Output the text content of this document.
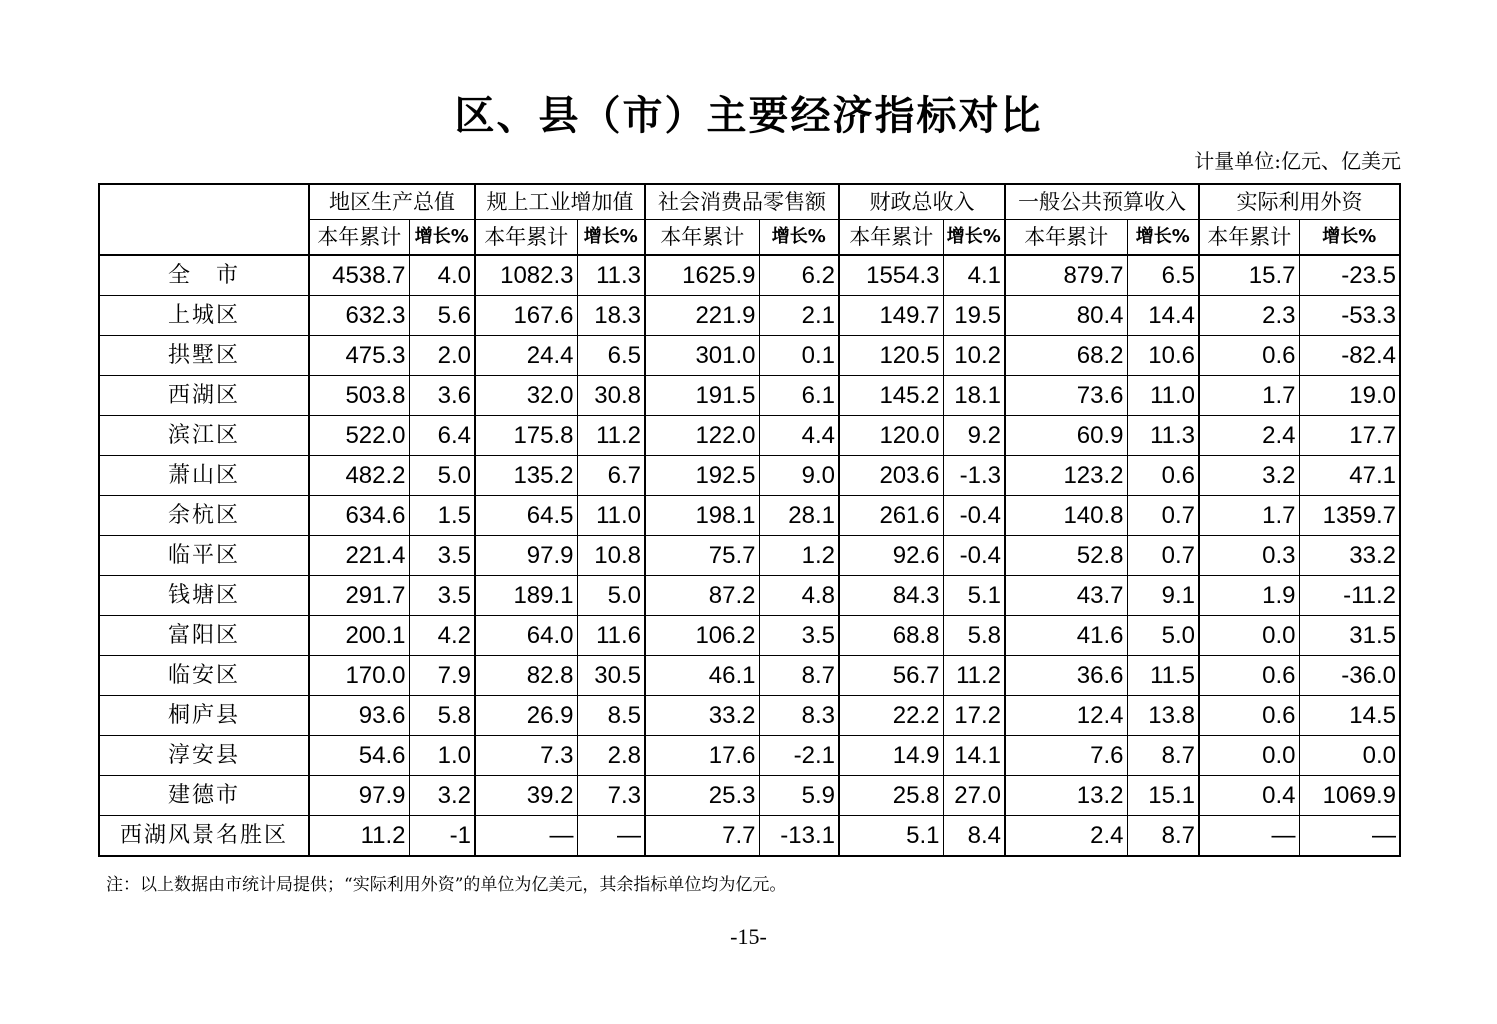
区、县（市）主要经济指标对比
计量单位:亿元、亿美元
	地区生产总值		规上工业增加值		社会消费品零售额		财政总收入		一般公共预算收入		实际利用外资	
	本年累计	增长%	本年累计	增长%	本年累计	增长%	本年累计	增长%	本年累计	增长%	本年累计	增长%
全　市	4538.7	4.0	1082.3	11.3	1625.9	6.2	1554.3	4.1	879.7	6.5	15.7	-23.5
上城区	632.3	5.6	167.6	18.3	221.9	2.1	149.7	19.5	80.4	14.4	2.3	-53.3
拱墅区	475.3	2.0	24.4	6.5	301.0	0.1	120.5	10.2	68.2	10.6	0.6	-82.4
西湖区	503.8	3.6	32.0	30.8	191.5	6.1	145.2	18.1	73.6	11.0	1.7	19.0
滨江区	522.0	6.4	175.8	11.2	122.0	4.4	120.0	9.2	60.9	11.3	2.4	17.7
萧山区	482.2	5.0	135.2	6.7	192.5	9.0	203.6	-1.3	123.2	0.6	3.2	47.1
余杭区	634.6	1.5	64.5	11.0	198.1	28.1	261.6	-0.4	140.8	0.7	1.7	1359.7
临平区	221.4	3.5	97.9	10.8	75.7	1.2	92.6	-0.4	52.8	0.7	0.3	33.2
钱塘区	291.7	3.5	189.1	5.0	87.2	4.8	84.3	5.1	43.7	9.1	1.9	-11.2
富阳区	200.1	4.2	64.0	11.6	106.2	3.5	68.8	5.8	41.6	5.0	0.0	31.5
临安区	170.0	7.9	82.8	30.5	46.1	8.7	56.7	11.2	36.6	11.5	0.6	-36.0
桐庐县	93.6	5.8	26.9	8.5	33.2	8.3	22.2	17.2	12.4	13.8	0.6	14.5
淳安县	54.6	1.0	7.3	2.8	17.6	-2.1	14.9	14.1	7.6	8.7	0.0	0.0
建德市	97.9	3.2	39.2	7.3	25.3	5.9	25.8	27.0	13.2	15.1	0.4	1069.9
西湖风景名胜区	11.2	-1	—	—	7.7	-13.1	5.1	8.4	2.4	8.7	—	—
注：以上数据由市统计局提供；“实际利用外资”的单位为亿美元，其余指标单位均为亿元。
-15-
